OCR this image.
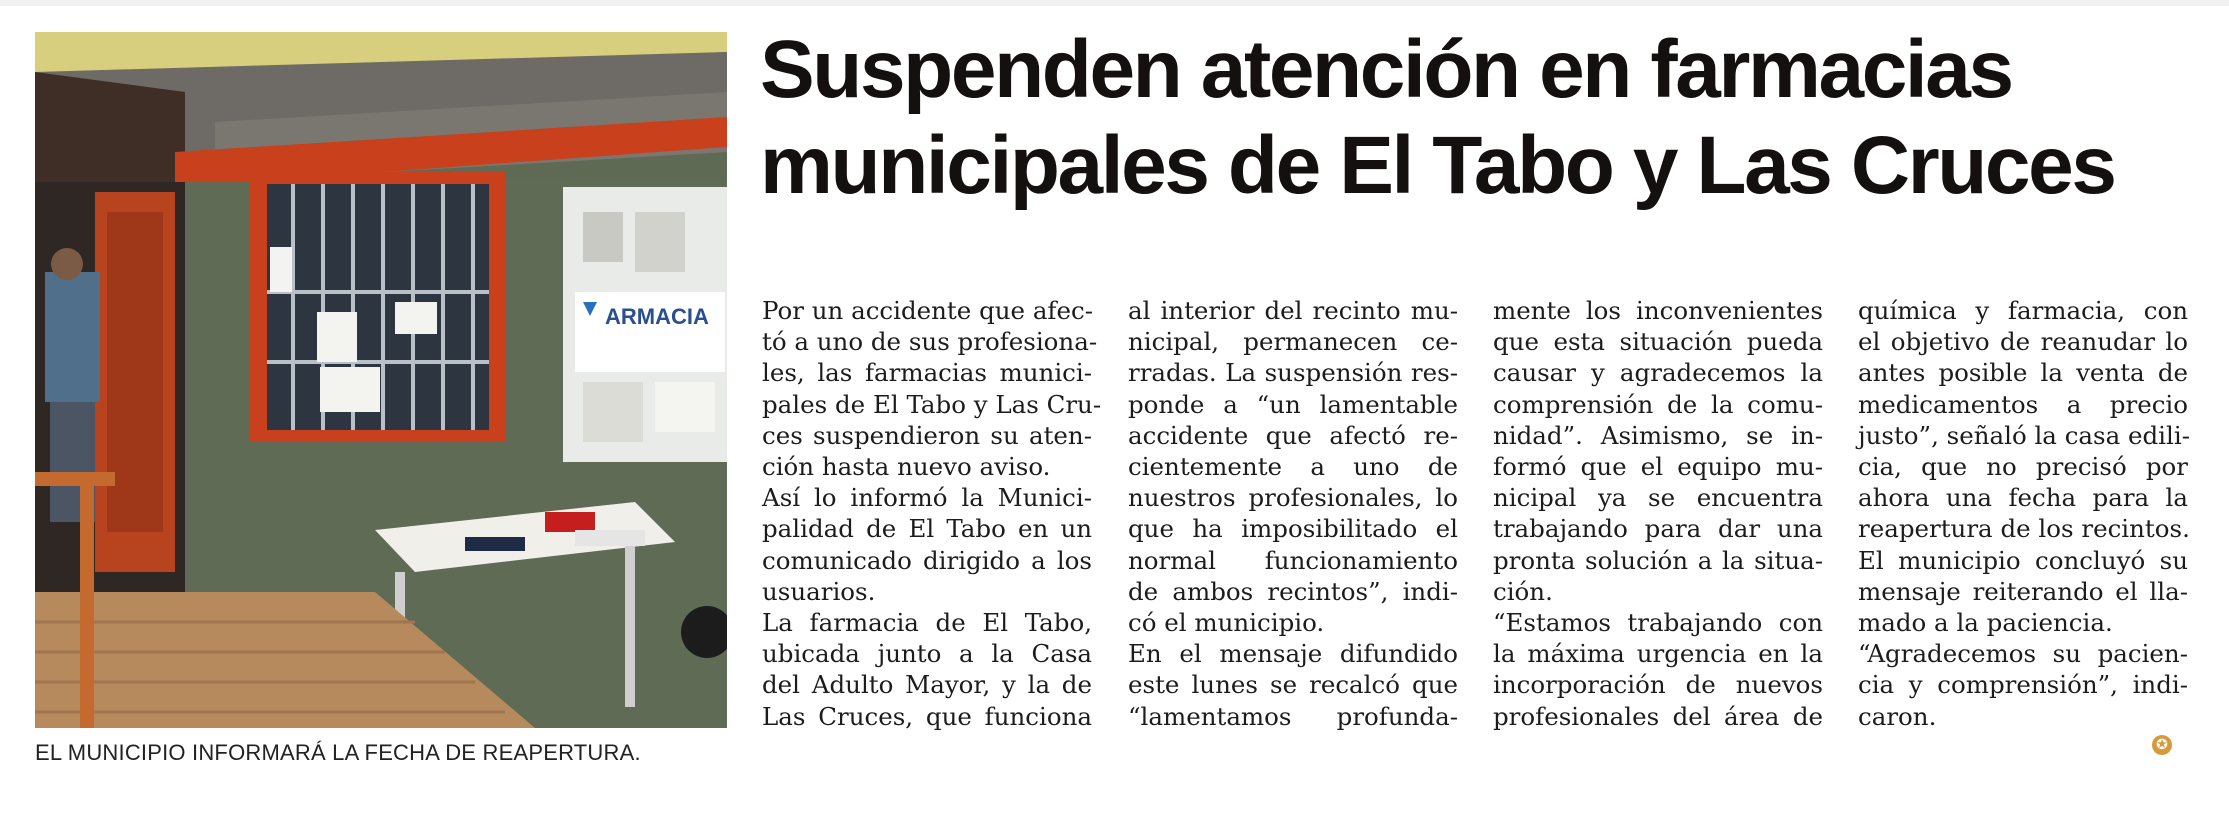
ARMACIA
EL MUNICIPIO INFORMARÁ LA FECHA DE REAPERTURA.
Suspenden atención en farmacias
municipales de El Tabo y Las Cruces
Por un accidente que afec-
tó a uno de sus profesiona-
les, las farmacias munici-
pales de El Tabo y Las Cru-
ces suspendieron su aten-
ción hasta nuevo aviso.
Así lo informó la Munici-
palidad de El Tabo en un
comunicado dirigido a los
usuarios.
La farmacia de El Tabo,
ubicada junto a la Casa
del Adulto Mayor, y la de
Las Cruces, que funciona
al interior del recinto mu-
nicipal, permanecen ce-
rradas. La suspensión res-
ponde a “un lamentable
accidente que afectó re-
cientemente a uno de
nuestros profesionales, lo
que ha imposibilitado el
normal funcionamiento
de ambos recintos”, indi-
có el municipio.
En el mensaje difundido
este lunes se recalcó que
“lamentamos profunda-
mente los inconvenientes
que esta situación pueda
causar y agradecemos la
comprensión de la comu-
nidad”. Asimismo, se in-
formó que el equipo mu-
nicipal ya se encuentra
trabajando para dar una
pronta solución a la situa-
ción.
“Estamos trabajando con
la máxima urgencia en la
incorporación de nuevos
profesionales del área de
química y farmacia, con
el objetivo de reanudar lo
antes posible la venta de
medicamentos a precio
justo”, señaló la casa edili-
cia, que no precisó por
ahora una fecha para la
reapertura de los recintos.
El municipio concluyó su
mensaje reiterando el lla-
mado a la paciencia.
“Agradecemos su pacien-
cia y comprensión”, indi-
caron.
✪
